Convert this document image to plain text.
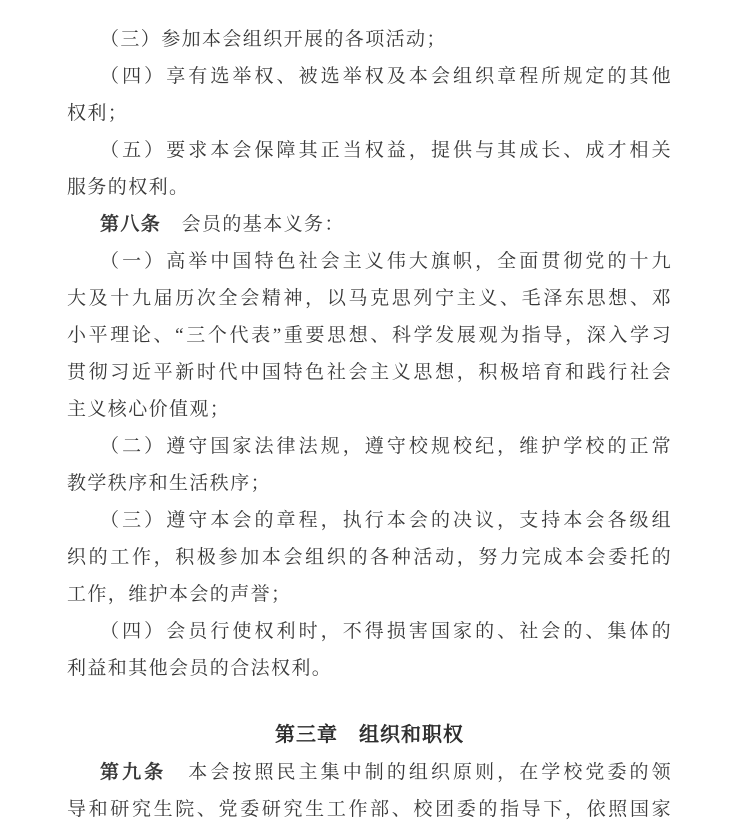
（三）参加本会组织开展的各项活动；
（四）享有选举权、被选举权及本会组织章程所规定的其他
权利；
（五）要求本会保障其正当权益，提供与其成长、成才相关
服务的权利。
第八条　会员的基本义务：
（一）高举中国特色社会主义伟大旗帜，全面贯彻党的十九
大及十九届历次全会精神，以马克思列宁主义、毛泽东思想、邓
小平理论、“三个代表”重要思想、科学发展观为指导，深入学习
贯彻习近平新时代中国特色社会主义思想，积极培育和践行社会
主义核心价值观；
（二）遵守国家法律法规，遵守校规校纪，维护学校的正常
教学秩序和生活秩序；
（三）遵守本会的章程，执行本会的决议，支持本会各级组
织的工作，积极参加本会组织的各种活动，努力完成本会委托的
工作，维护本会的声誉；
（四）会员行使权利时，不得损害国家的、社会的、集体的
利益和其他会员的合法权利。
第三章　组织和职权
第九条　本会按照民主集中制的组织原则，在学校党委的领
导和研究生院、党委研究生工作部、校团委的指导下，依照国家
